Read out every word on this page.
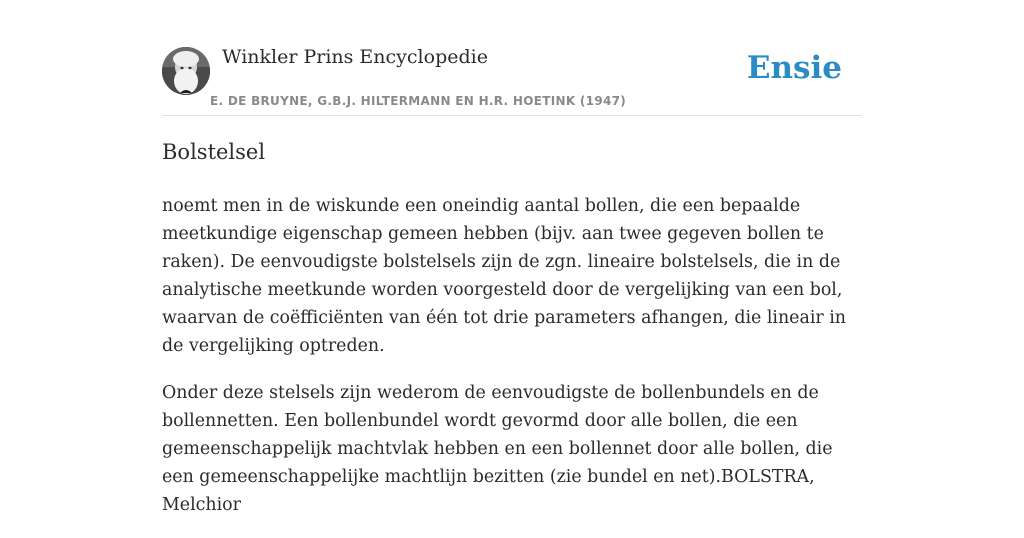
Winkler Prins Encyclopedie
E. DE BRUYNE, G.B.J. HILTERMANN EN H.R. HOETINK (1947)
Ensie
Bolstelsel

noemt men in de wiskunde een oneindig aantal bollen, die een bepaalde meetkundige eigenschap gemeen hebben (bijv. aan twee gegeven bollen te raken). De eenvoudigste bolstelsels zijn de zgn. lineaire bolstelsels, die in de analytische meetkunde worden voorgesteld door de vergelijking van een bol, waarvan de coëfficiënten van één tot drie parameters afhangen, die lineair in de vergelijking optreden.

Onder deze stelsels zijn wederom de eenvoudigste de bollenbundels en de bollennetten. Een bollenbundel wordt gevormd door alle bollen, die een gemeenschappelijk machtvlak hebben en een bollennet door alle bollen, die een gemeenschappelijke machtlijn bezitten (zie bundel en net).BOLSTRA, Melchior
